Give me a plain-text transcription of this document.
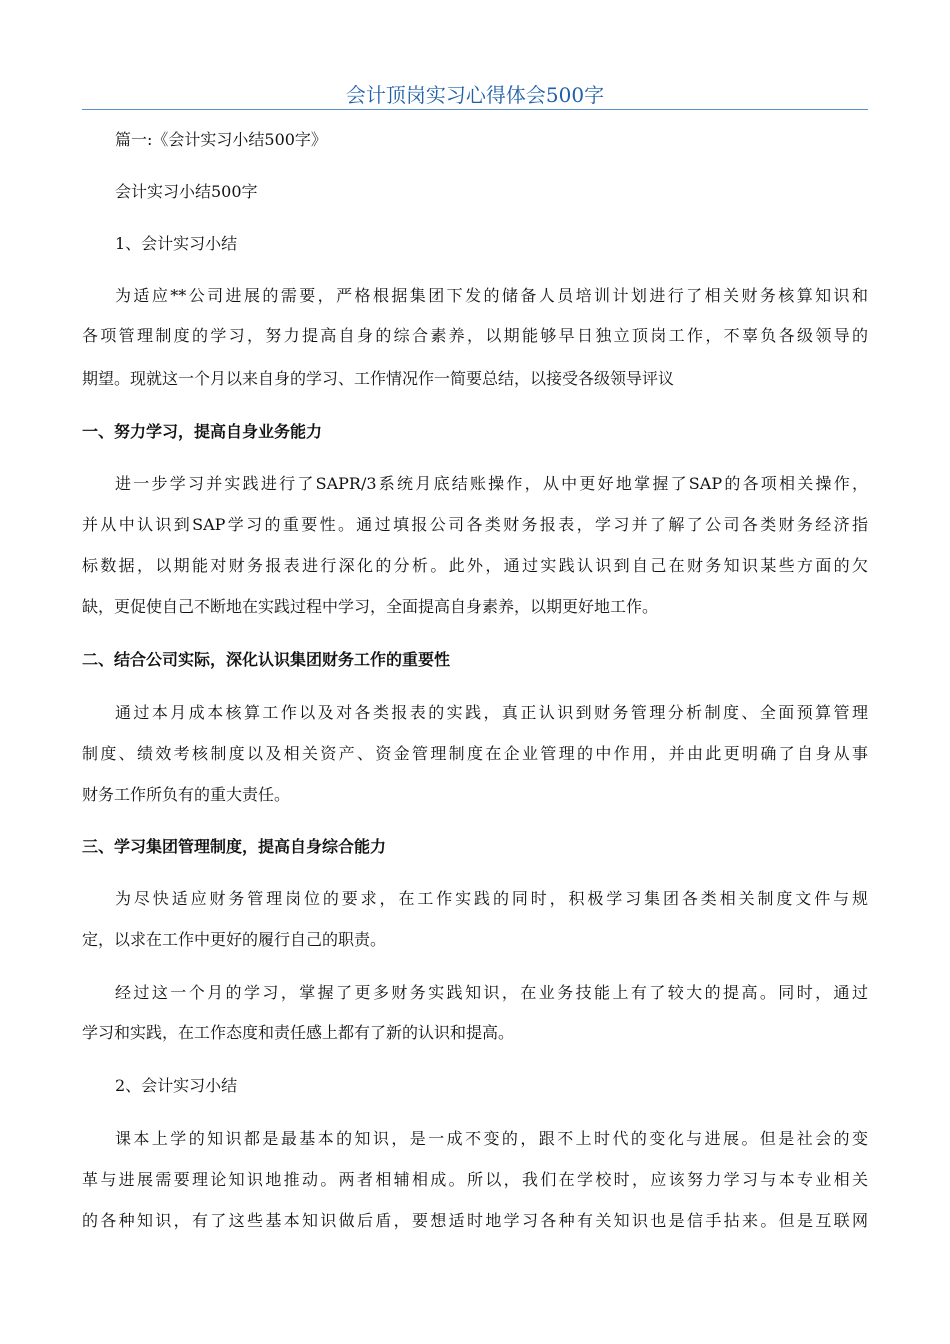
会计顶岗实习心得体会500字
篇一:《会计实习小结500字》
会计实习小结500字
1、会计实习小结
为适应**公司进展的需要，严格根据集团下发的储备人员培训计划进行了相关财务核算知识和
各项管理制度的学习，努力提高自身的综合素养，以期能够早日独立顶岗工作，不辜负各级领导的
期望。现就这一个月以来自身的学习、工作情况作一简要总结，以接受各级领导评议
一、努力学习，提高自身业务能力
进一步学习并实践进行了SAPR/3系统月底结账操作，从中更好地掌握了SAP的各项相关操作，
并从中认识到SAP学习的重要性。通过填报公司各类财务报表，学习并了解了公司各类财务经济指
标数据，以期能对财务报表进行深化的分析。此外，通过实践认识到自己在财务知识某些方面的欠
缺，更促使自己不断地在实践过程中学习，全面提高自身素养，以期更好地工作。
二、结合公司实际，深化认识集团财务工作的重要性
通过本月成本核算工作以及对各类报表的实践，真正认识到财务管理分析制度、全面预算管理
制度、绩效考核制度以及相关资产、资金管理制度在企业管理的中作用，并由此更明确了自身从事
财务工作所负有的重大责任。
三、学习集团管理制度，提高自身综合能力
为尽快适应财务管理岗位的要求，在工作实践的同时，积极学习集团各类相关制度文件与规
定，以求在工作中更好的履行自己的职责。
经过这一个月的学习，掌握了更多财务实践知识，在业务技能上有了较大的提高。同时，通过
学习和实践，在工作态度和责任感上都有了新的认识和提高。
2、会计实习小结
课本上学的知识都是最基本的知识，是一成不变的，跟不上时代的变化与进展。但是社会的变
革与进展需要理论知识地推动。两者相辅相成。所以，我们在学校时，应该努力学习与本专业相关
的各种知识，有了这些基本知识做后盾，要想适时地学习各种有关知识也是信手拈来。但是互联网
